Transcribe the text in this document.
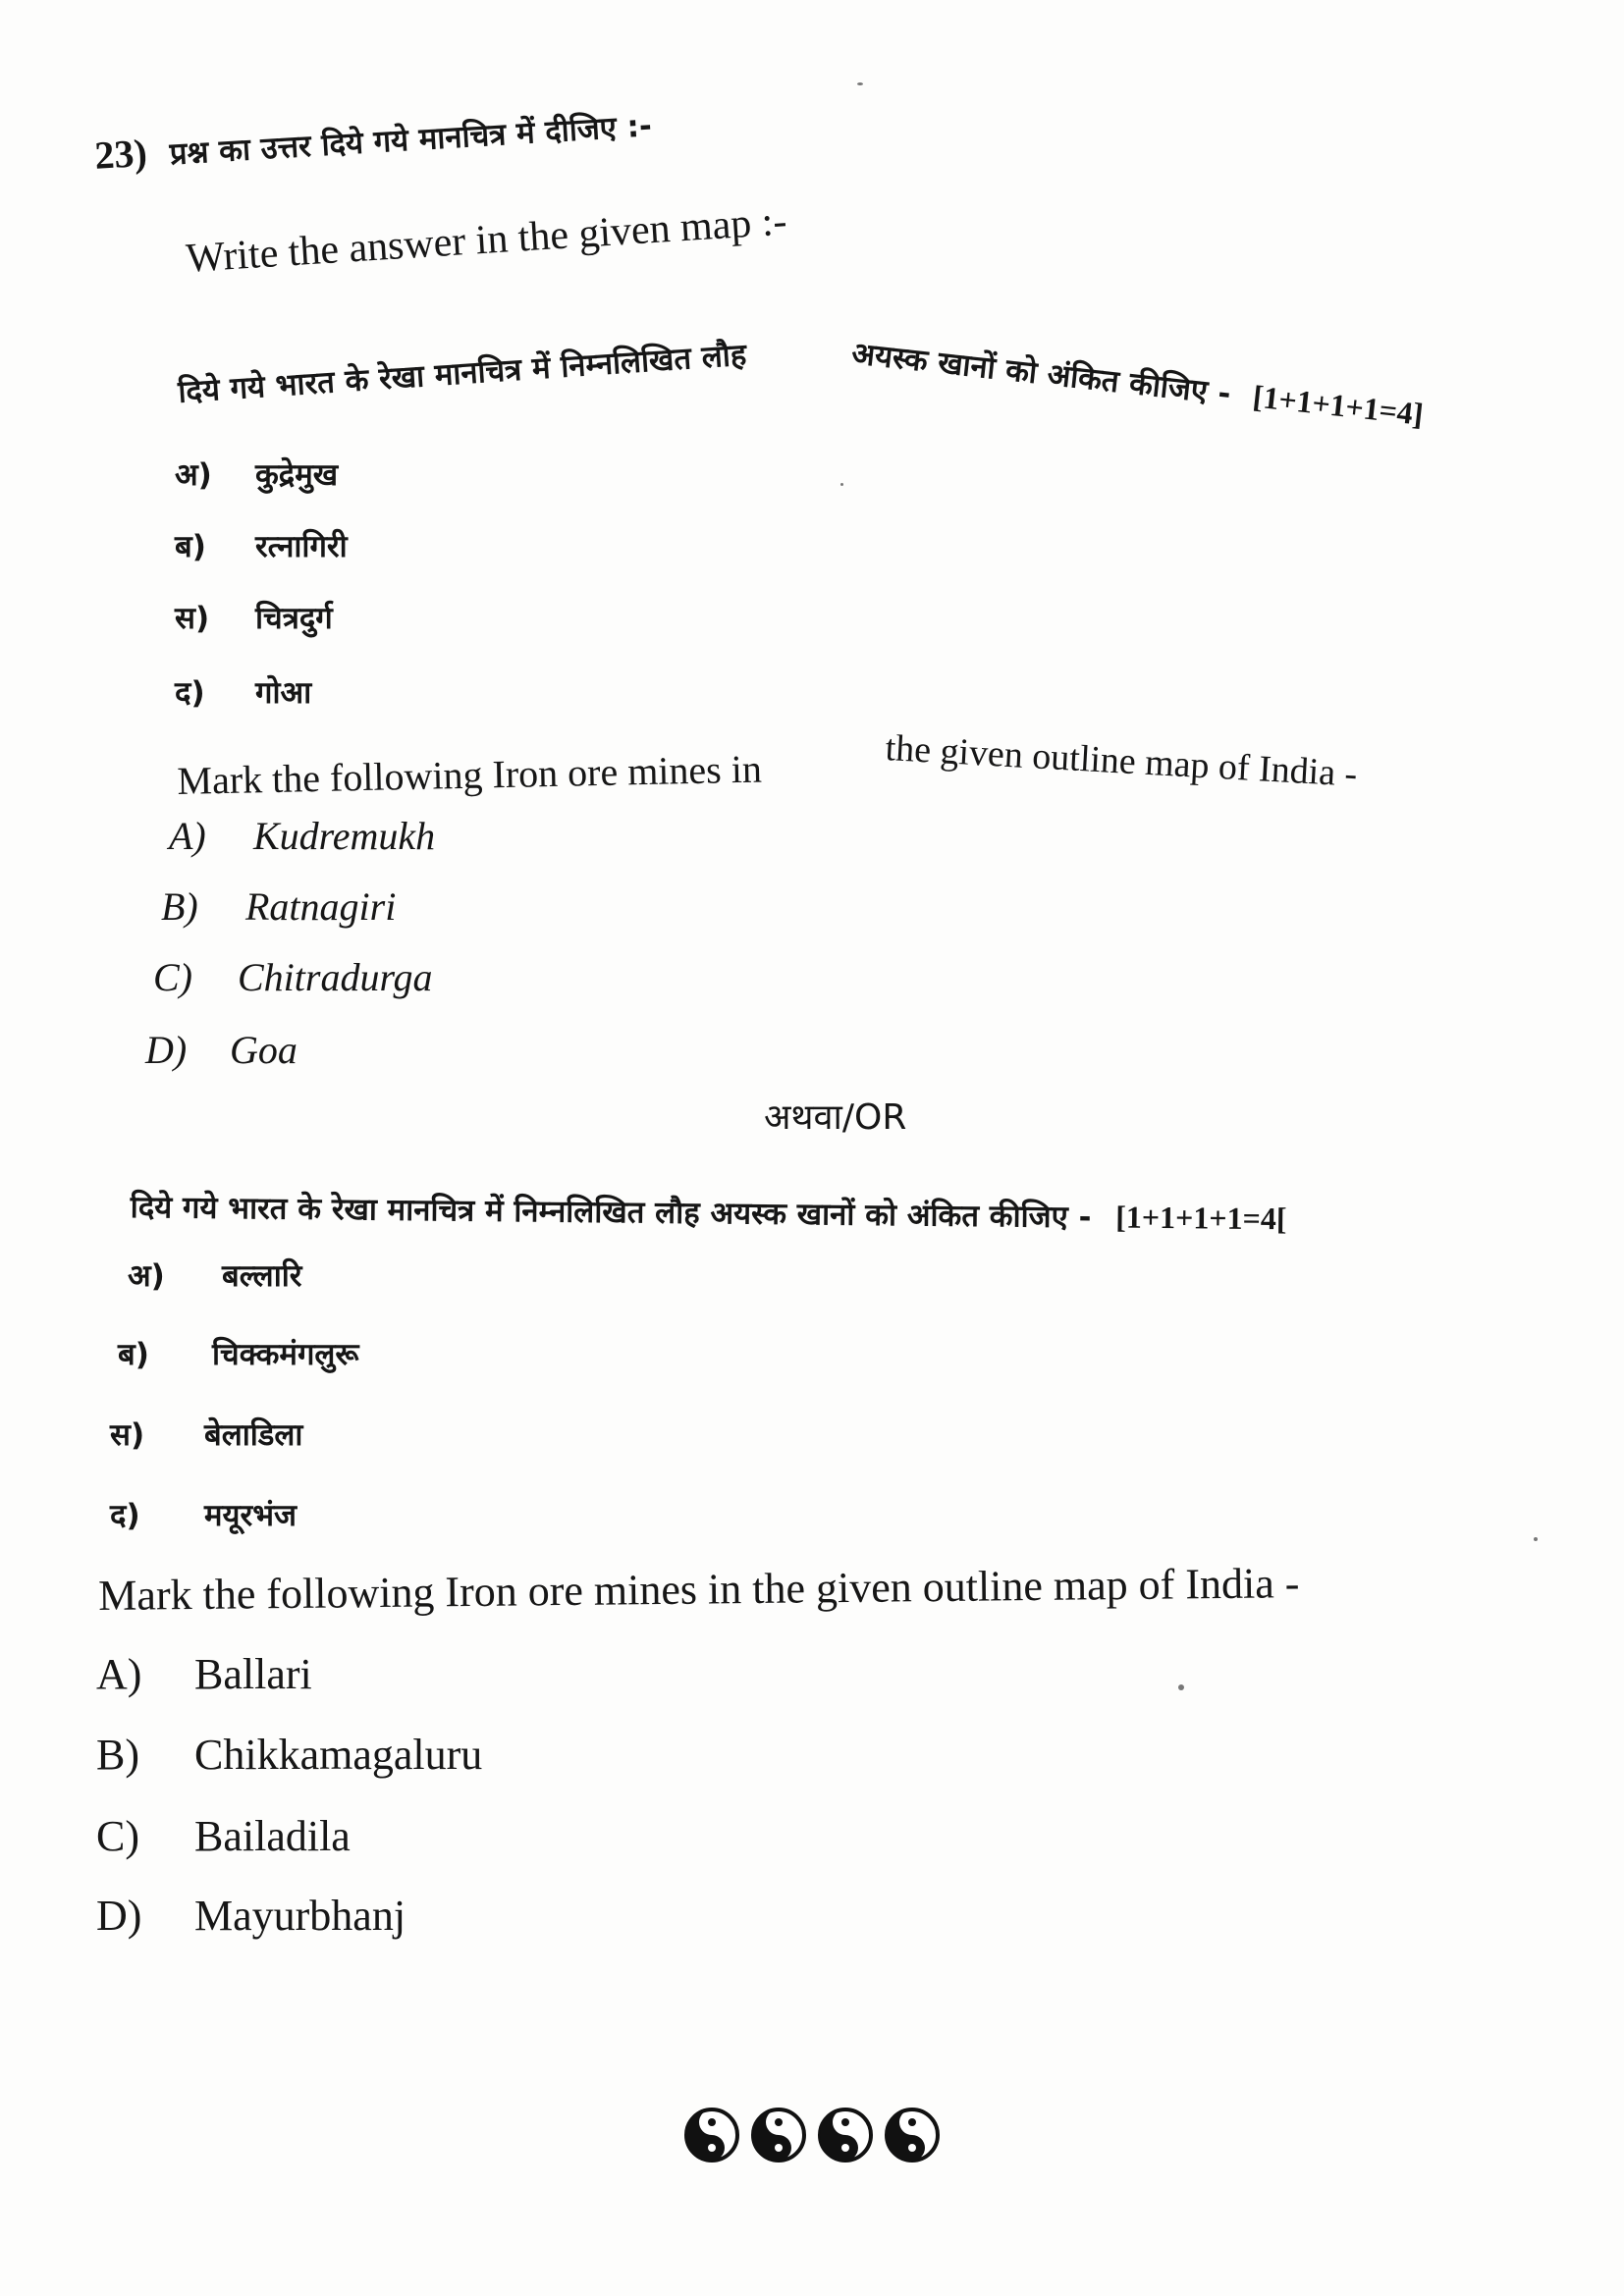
23) प्रश्न का उत्तर दिये गये मानचित्र में दीजिए :-
Write the answer in the given map :-
दिये गये भारत के रेखा मानचित्र में निम्नलिखित लौह	अयस्क खानों को अंकित कीजिए - [1+1+1+1=4]
अ) कुद्रेमुख
ब) रत्नागिरी
स) चित्रदुर्ग
द) गोआ
Mark the following Iron ore mines in	the given outline map of India -
A) Kudremukh
B) Ratnagiri
C) Chitradurga
D) Goa
अथवा/OR
दिये गये भारत के रेखा मानचित्र में निम्नलिखित लौह अयस्क खानों को अंकित कीजिए - [1+1+1+1=4[
अ) बल्लारि
ब) चिक्कमंगलुरू
स) बेलाडिला
द) मयूरभंज
Mark the following Iron ore mines in the given outline map of India -
A) Ballari
B) Chikkamagaluru
C) Bailadila
D) Mayurbhanj
